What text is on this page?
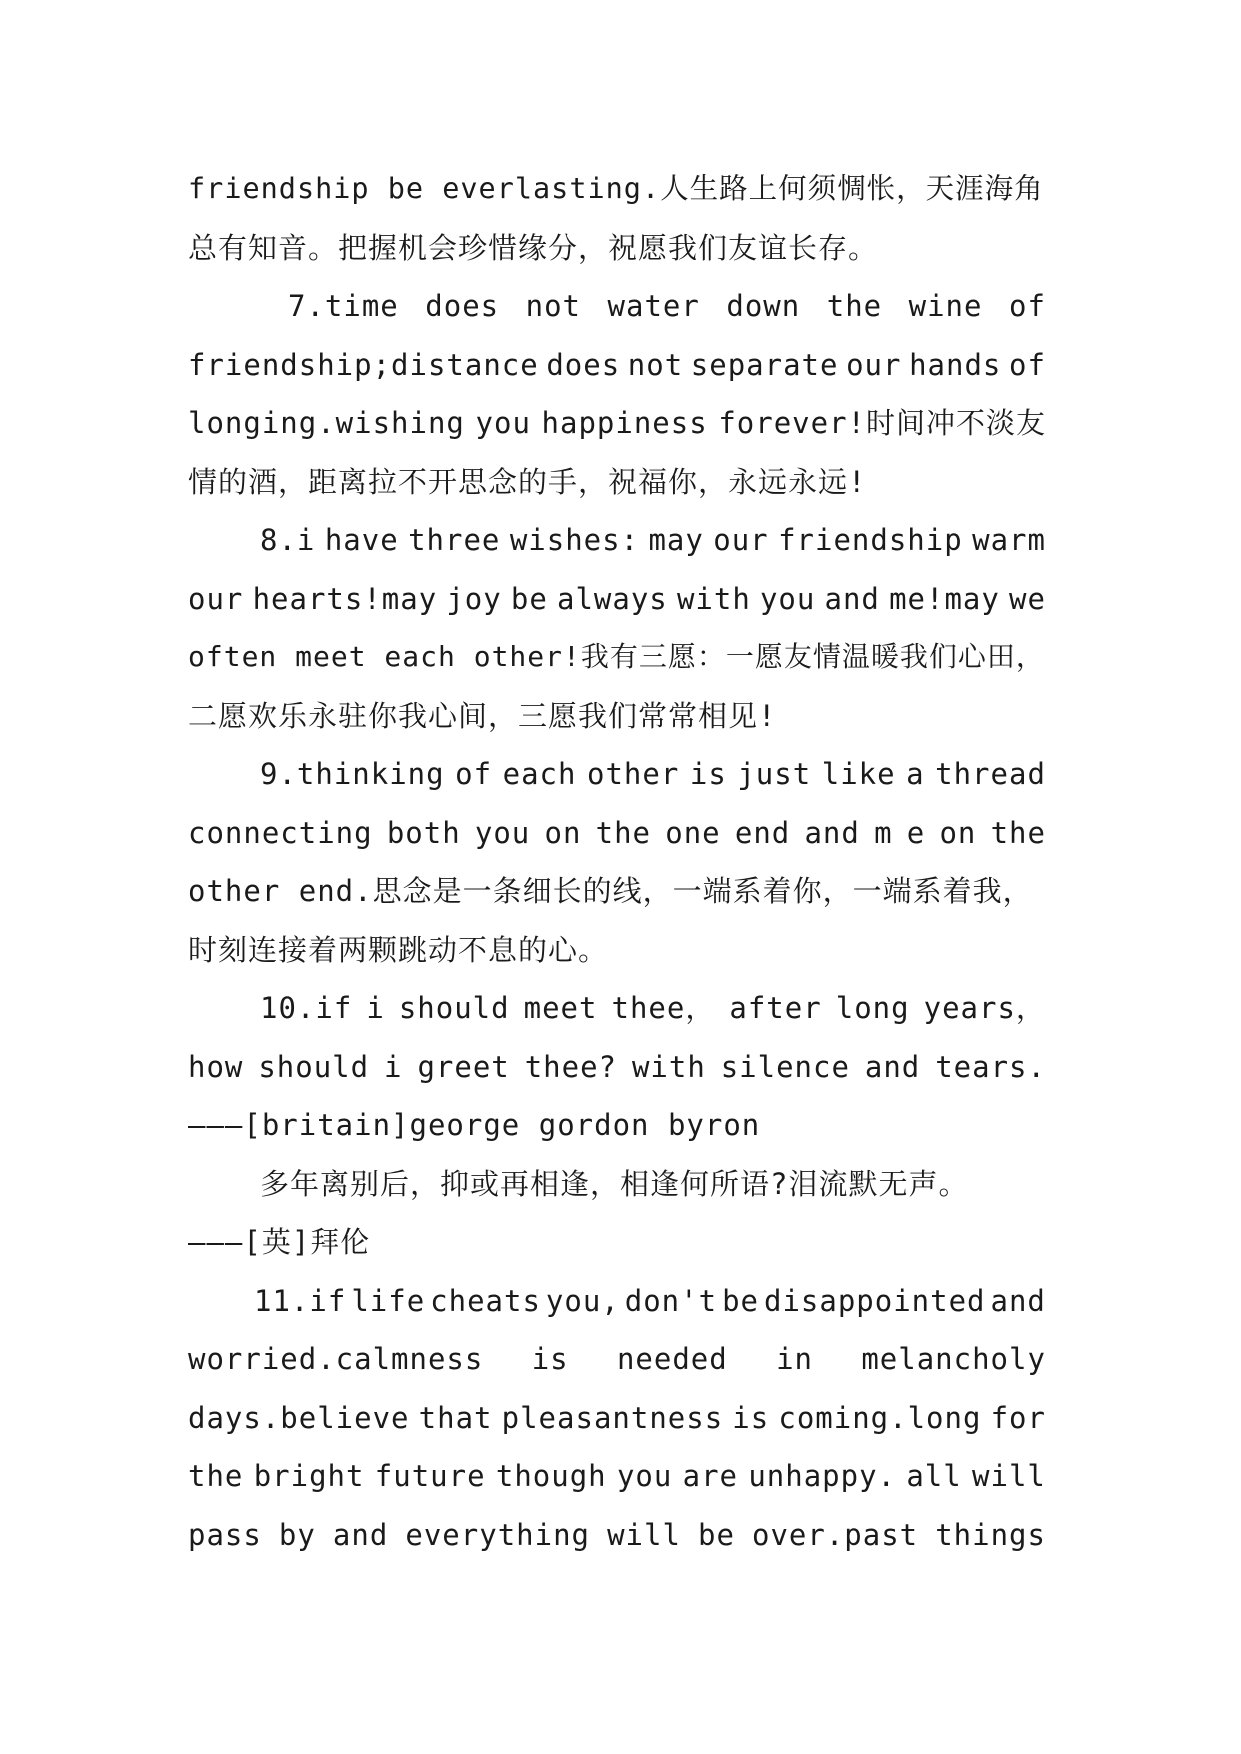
friendship be everlasting.人生路上何须惆怅，天涯海角
总有知音。把握机会珍惜缘分，祝愿我们友谊长存。
7.time does not water down the wine of
friendship;distance does not separate our hands of
longing.wishing you happiness forever!时间冲不淡友
情的酒，距离拉不开思念的手，祝福你，永远永远!
8.i have three wishes: may our friendship warm
our hearts!may joy be always with you and me!may we
often meet each other!我有三愿：一愿友情温暖我们心田，
二愿欢乐永驻你我心间，三愿我们常常相见!
9.thinking of each other is just like a thread
connecting both you on the one end and m e on the
other end.思念是一条细长的线，一端系着你，一端系着我，
时刻连接着两颗跳动不息的心。
10.if i should meet thee， after long years，
how should i greet thee? with silence and tears.
———[britain]george gordon byron
多年离别后，抑或再相逢，相逢何所语?泪流默无声。
———[英]拜伦
11.if life cheats you, don't be disappointed and
worried.calmness is needed in melancholy
days.believe that pleasantness is coming.long for
the bright future though you are unhappy. all will
pass by and everything will be over.past things
